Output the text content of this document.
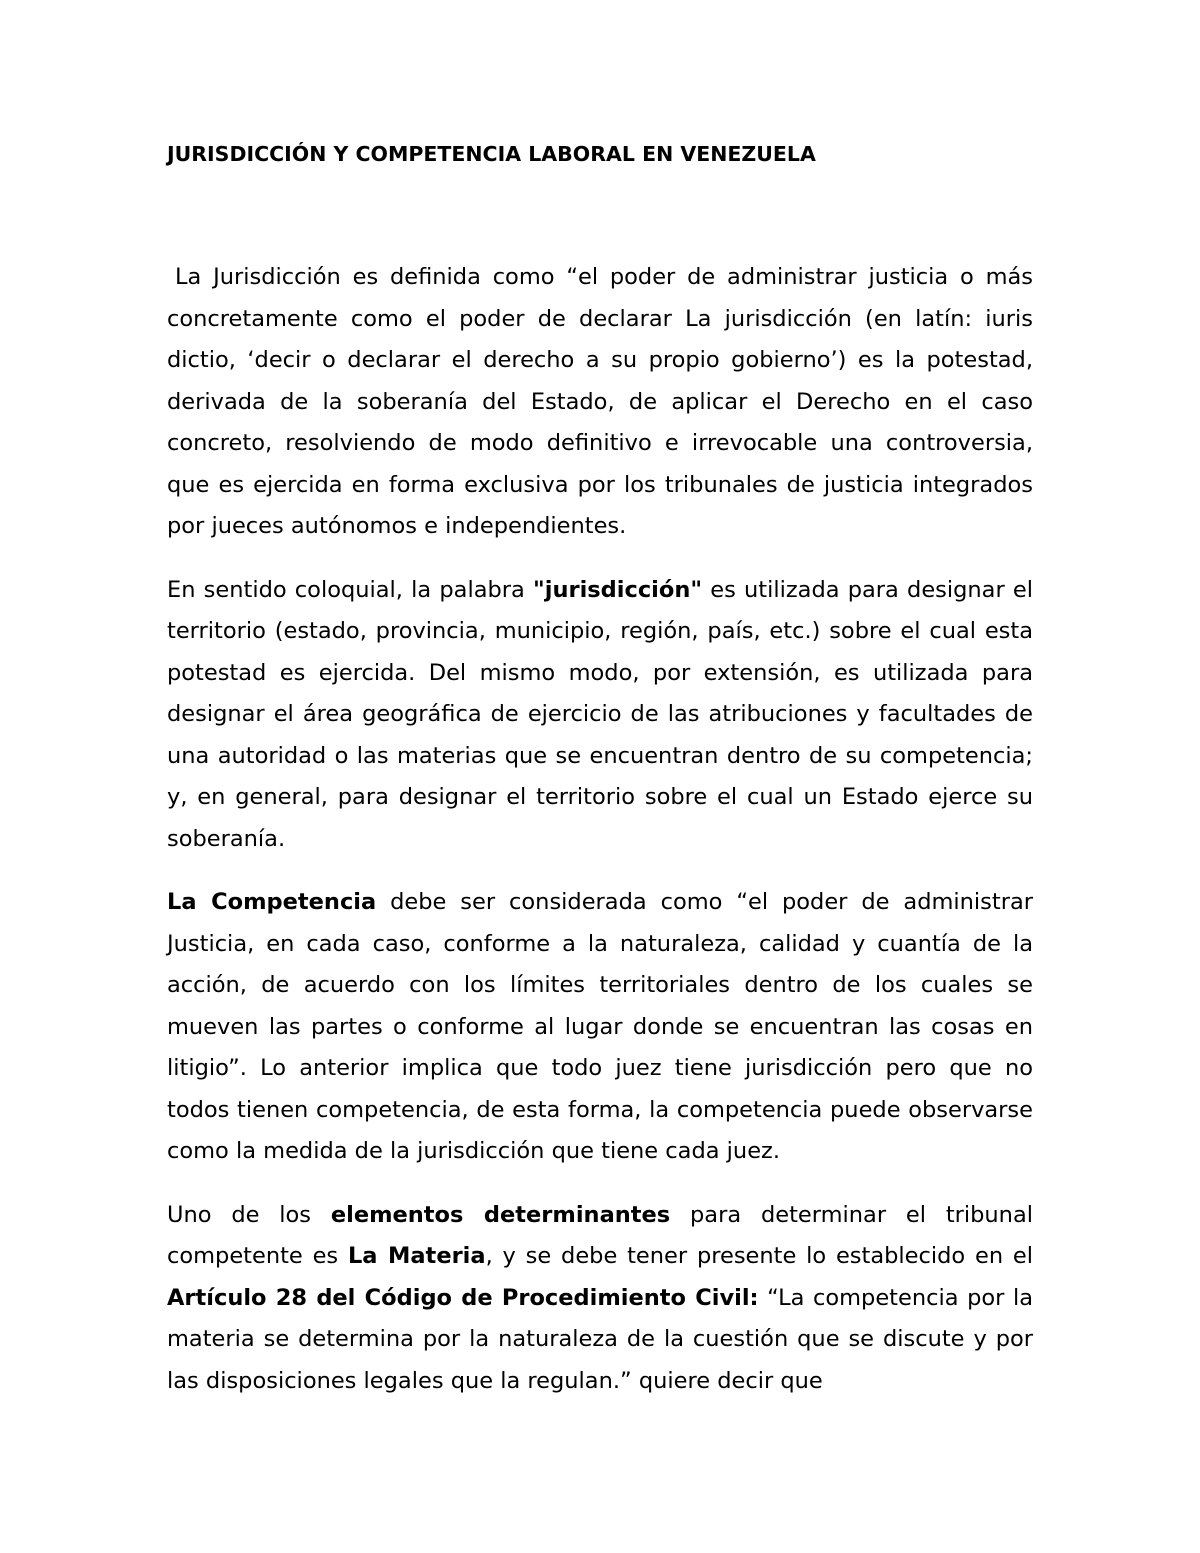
JURISDICCIÓN Y COMPETENCIA LABORAL EN VENEZUELA

La Jurisdicción es definida como “el poder de administrar justicia o más concretamente como el poder de declarar La jurisdicción (en latín: iuris dictio, ‘decir o declarar el derecho a su propio gobierno’) es la potestad, derivada de la soberanía del Estado, de aplicar el Derecho en el caso concreto, resolviendo de modo definitivo e irrevocable una controversia, que es ejercida en forma exclusiva por los tribunales de justicia integrados por jueces autónomos e independientes.

En sentido coloquial, la palabra "jurisdicción" es utilizada para designar el territorio (estado, provincia, municipio, región, país, etc.) sobre el cual esta potestad es ejercida. Del mismo modo, por extensión, es utilizada para designar el área geográfica de ejercicio de las atribuciones y facultades de una autoridad o las materias que se encuentran dentro de su competencia; y, en general, para designar el territorio sobre el cual un Estado ejerce su soberanía.

La Competencia debe ser considerada como “el poder de administrar Justicia, en cada caso, conforme a la naturaleza, calidad y cuantía de la acción, de acuerdo con los límites territoriales dentro de los cuales se mueven las partes o conforme al lugar donde se encuentran las cosas en litigio”. Lo anterior implica que todo juez tiene jurisdicción pero que no todos tienen competencia, de esta forma, la competencia puede observarse como la medida de la jurisdicción que tiene cada juez.

Uno de los elementos determinantes para determinar el tribunal competente es La Materia, y se debe tener presente lo establecido en el Artículo 28 del Código de Procedimiento Civil: “La competencia por la materia se determina por la naturaleza de la cuestión que se discute y por las disposiciones legales que la regulan.” quiere decir que
